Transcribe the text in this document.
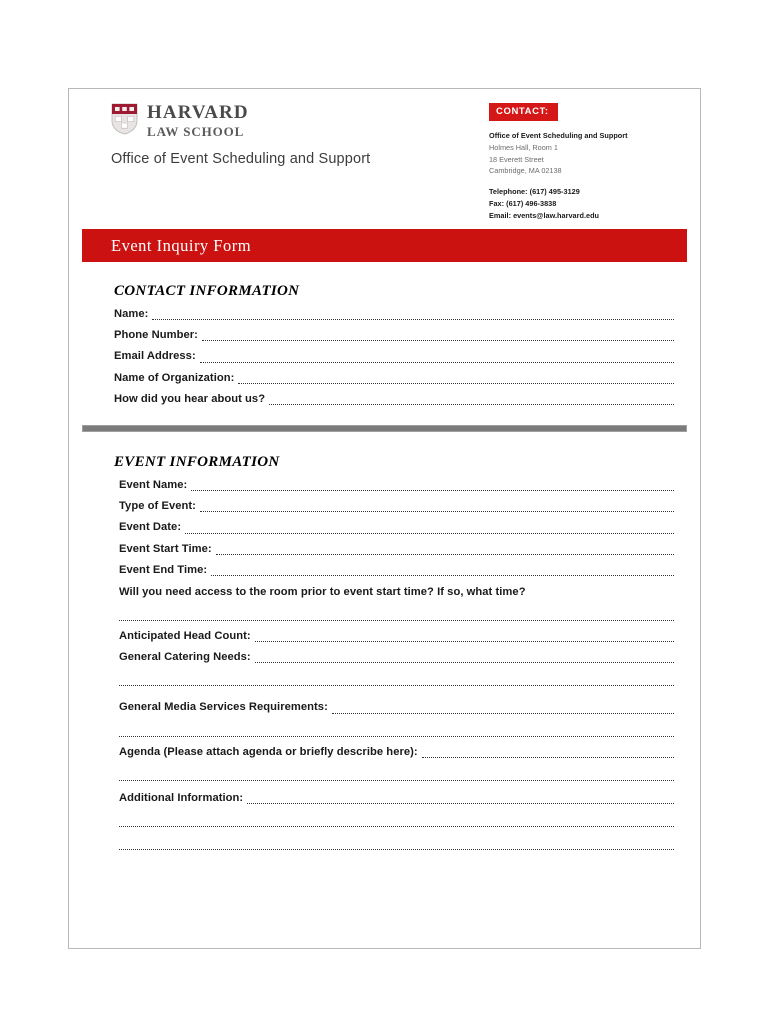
HARVARD
LAW SCHOOL
Office of Event Scheduling and Support
CONTACT:
Office of Event Scheduling and Support
Holmes Hall, Room 1
18 Everett Street
Cambridge, MA 02138
Telephone: (617) 495-3129
Fax: (617) 496-3838
Email: events@law.harvard.edu
Event Inquiry Form
CONTACT INFORMATION
Name:
Phone Number:
Email Address:
Name of Organization:
How did you hear about us?
EVENT INFORMATION
Event Name:
Type of Event:
Event Date:
Event Start Time:
Event End Time:
Will you need access to the room prior to event start time? If so, what time?
Anticipated Head Count:
General Catering Needs:
General Media Services Requirements:
Agenda (Please attach agenda or briefly describe here):
Additional Information:
